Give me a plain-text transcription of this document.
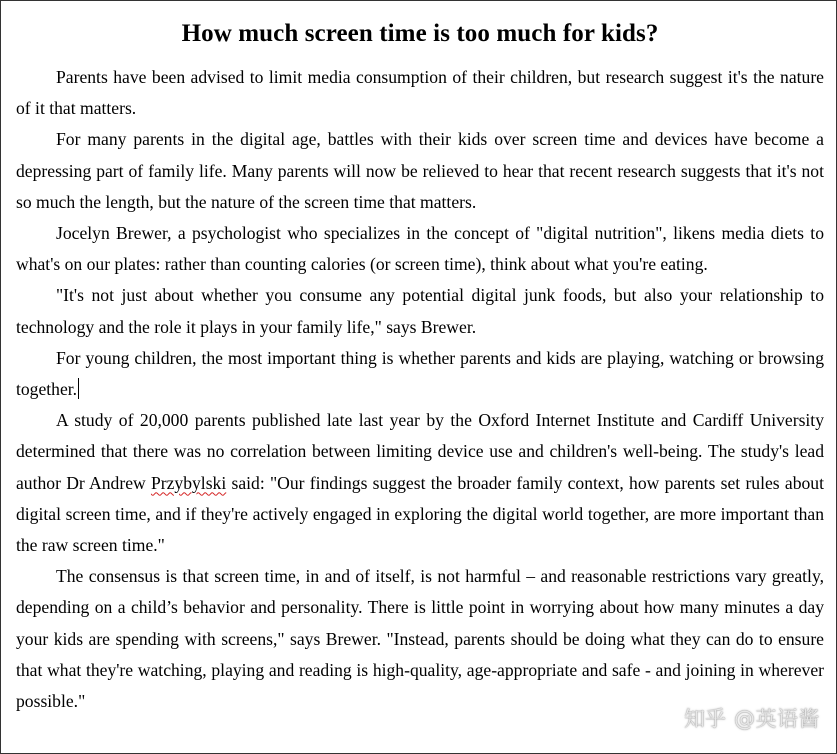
How much screen time is too much for kids?

Parents have been advised to limit media consumption of their children, but research suggest it's the nature of it that matters.

For many parents in the digital age, battles with their kids over screen time and devices have become a depressing part of family life. Many parents will now be relieved to hear that recent research suggests that it's not so much the length, but the nature of the screen time that matters.

Jocelyn Brewer, a psychologist who specializes in the concept of "digital nutrition", likens media diets to what's on our plates: rather than counting calories (or screen time), think about what you're eating.

"It's not just about whether you consume any potential digital junk foods, but also your relationship to technology and the role it plays in your family life," says Brewer.

For young children, the most important thing is whether parents and kids are playing, watching or browsing together.

A study of 20,000 parents published late last year by the Oxford Internet Institute and Cardiff University determined that there was no correlation between limiting device use and children's well-being. The study's lead author Dr Andrew Przybylski said: "Our findings suggest the broader family context, how parents set rules about digital screen time, and if they're actively engaged in exploring the digital world together, are more important than the raw screen time."

The consensus is that screen time, in and of itself, is not harmful – and reasonable restrictions vary greatly, depending on a child’s behavior and personality. There is little point in worrying about how many minutes a day your kids are spending with screens," says Brewer. "Instead, parents should be doing what they can do to ensure that what they're watching, playing and reading is high-quality, age-appropriate and safe - and joining in wherever possible."

知乎 @英语酱
